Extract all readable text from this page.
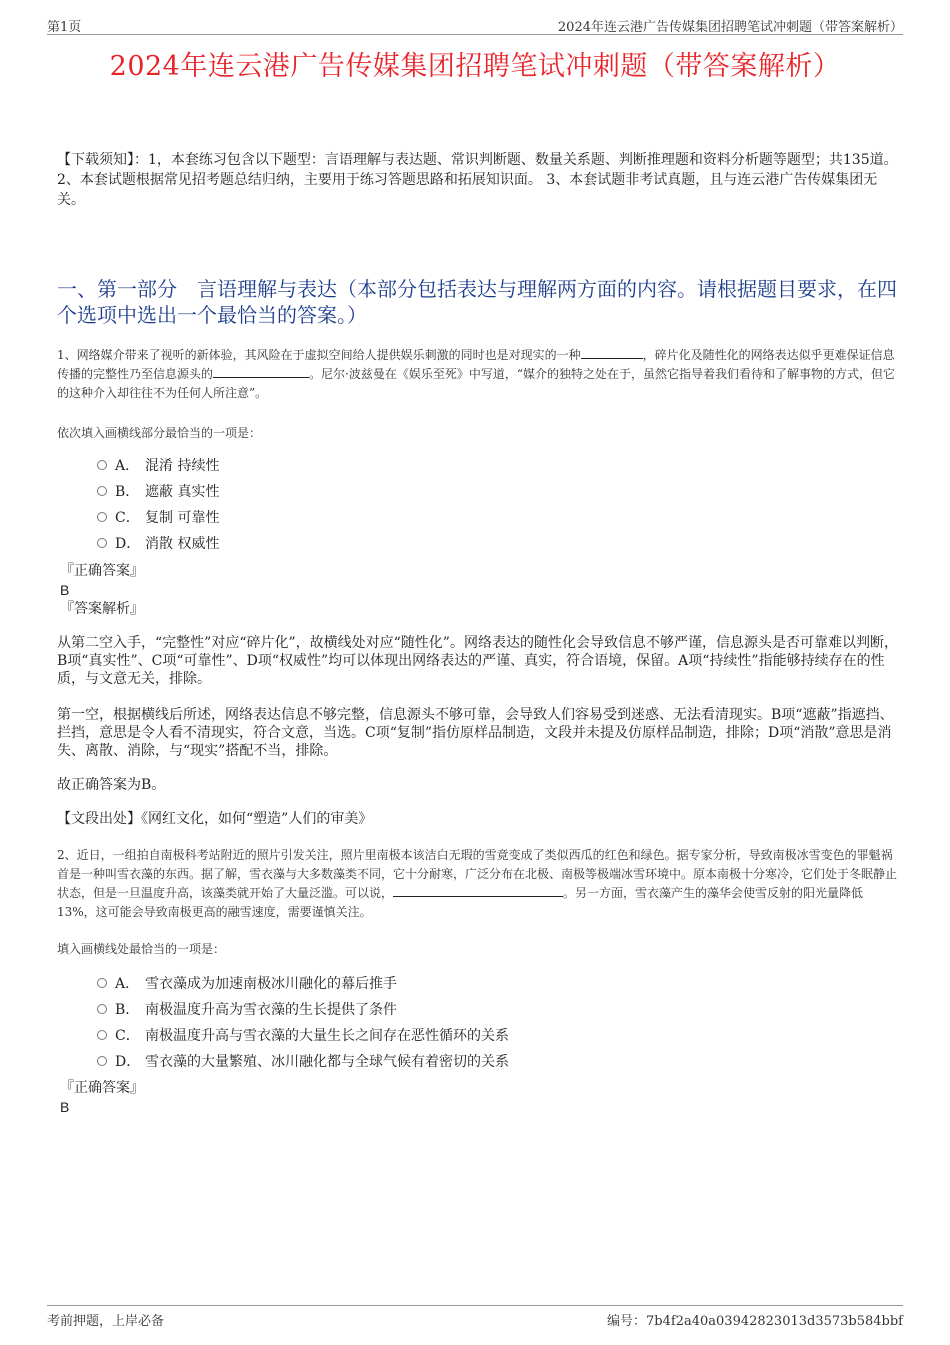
第1页	2024年连云港广告传媒集团招聘笔试冲刺题（带答案解析）
2024年连云港广告传媒集团招聘笔试冲刺题（带答案解析）
【下载须知】：1，本套练习包含以下题型：言语理解与表达题、常识判断题、数量关系题、判断推理题和资料分析题等题型；共135道。 2、本套试题根据常见招考题总结归纳，主要用于练习答题思路和拓展知识面。 3、本套试题非考试真题，且与连云港广告传媒集团无关。
一、第一部分　言语理解与表达（本部分包括表达与理解两方面的内容。请根据题目要求，在四个选项中选出一个最恰当的答案。）
1、网络媒介带来了视听的新体验，其风险在于虚拟空间给人提供娱乐刺激的同时也是对现实的一种	，碎片化及随性化的网络表达似乎更难保证信息传播的完整性乃至信息源头的	。尼尔·波兹曼在《娱乐至死》中写道，“媒介的独特之处在于，虽然它指导着我们看待和了解事物的方式，但它的这种介入却往往不为任何人所注意”。
依次填入画横线部分最恰当的一项是：
A． 混淆 持续性
B． 遮蔽 真实性
C． 复制 可靠性
D． 消散 权威性
『正确答案』
B
『答案解析』
从第二空入手，“完整性”对应“碎片化”，故横线处对应“随性化”。网络表达的随性化会导致信息不够严谨，信息源头是否可靠难以判断，B项“真实性”、C项“可靠性”、D项“权威性”均可以体现出网络表达的严谨、真实，符合语境，保留。A项“持续性”指能够持续存在的性质，与文意无关，排除。
第一空，根据横线后所述，网络表达信息不够完整，信息源头不够可靠，会导致人们容易受到迷惑、无法看清现实。B项“遮蔽”指遮挡、拦挡，意思是令人看不清现实，符合文意，当选。C项“复制”指仿原样品制造，文段并未提及仿原样品制造，排除；D项“消散”意思是消失、离散、消除，与“现实”搭配不当，排除。
故正确答案为B。
【文段出处】《网红文化，如何“塑造”人们的审美》
2、近日，一组拍自南极科考站附近的照片引发关注，照片里南极本该洁白无瑕的雪竟变成了类似西瓜的红色和绿色。据专家分析，导致南极冰雪变色的罪魁祸首是一种叫雪衣藻的东西。据了解，雪衣藻与大多数藻类不同，它十分耐寒，广泛分布在北极、南极等极端冰雪环境中。原本南极十分寒冷，它们处于冬眠静止状态，但是一旦温度升高，该藻类就开始了大量泛滥。可以说，	。另一方面，雪衣藻产生的藻华会使雪反射的阳光量降低13%，这可能会导致南极更高的融雪速度，需要谨慎关注。
填入画横线处最恰当的一项是：
A． 雪衣藻成为加速南极冰川融化的幕后推手
B． 南极温度升高为雪衣藻的生长提供了条件
C． 南极温度升高与雪衣藻的大量生长之间存在恶性循环的关系
D． 雪衣藻的大量繁殖、冰川融化都与全球气候有着密切的关系
『正确答案』
B
考前押题，上岸必备	编号：7b4f2a40a03942823013d3573b584bbf
